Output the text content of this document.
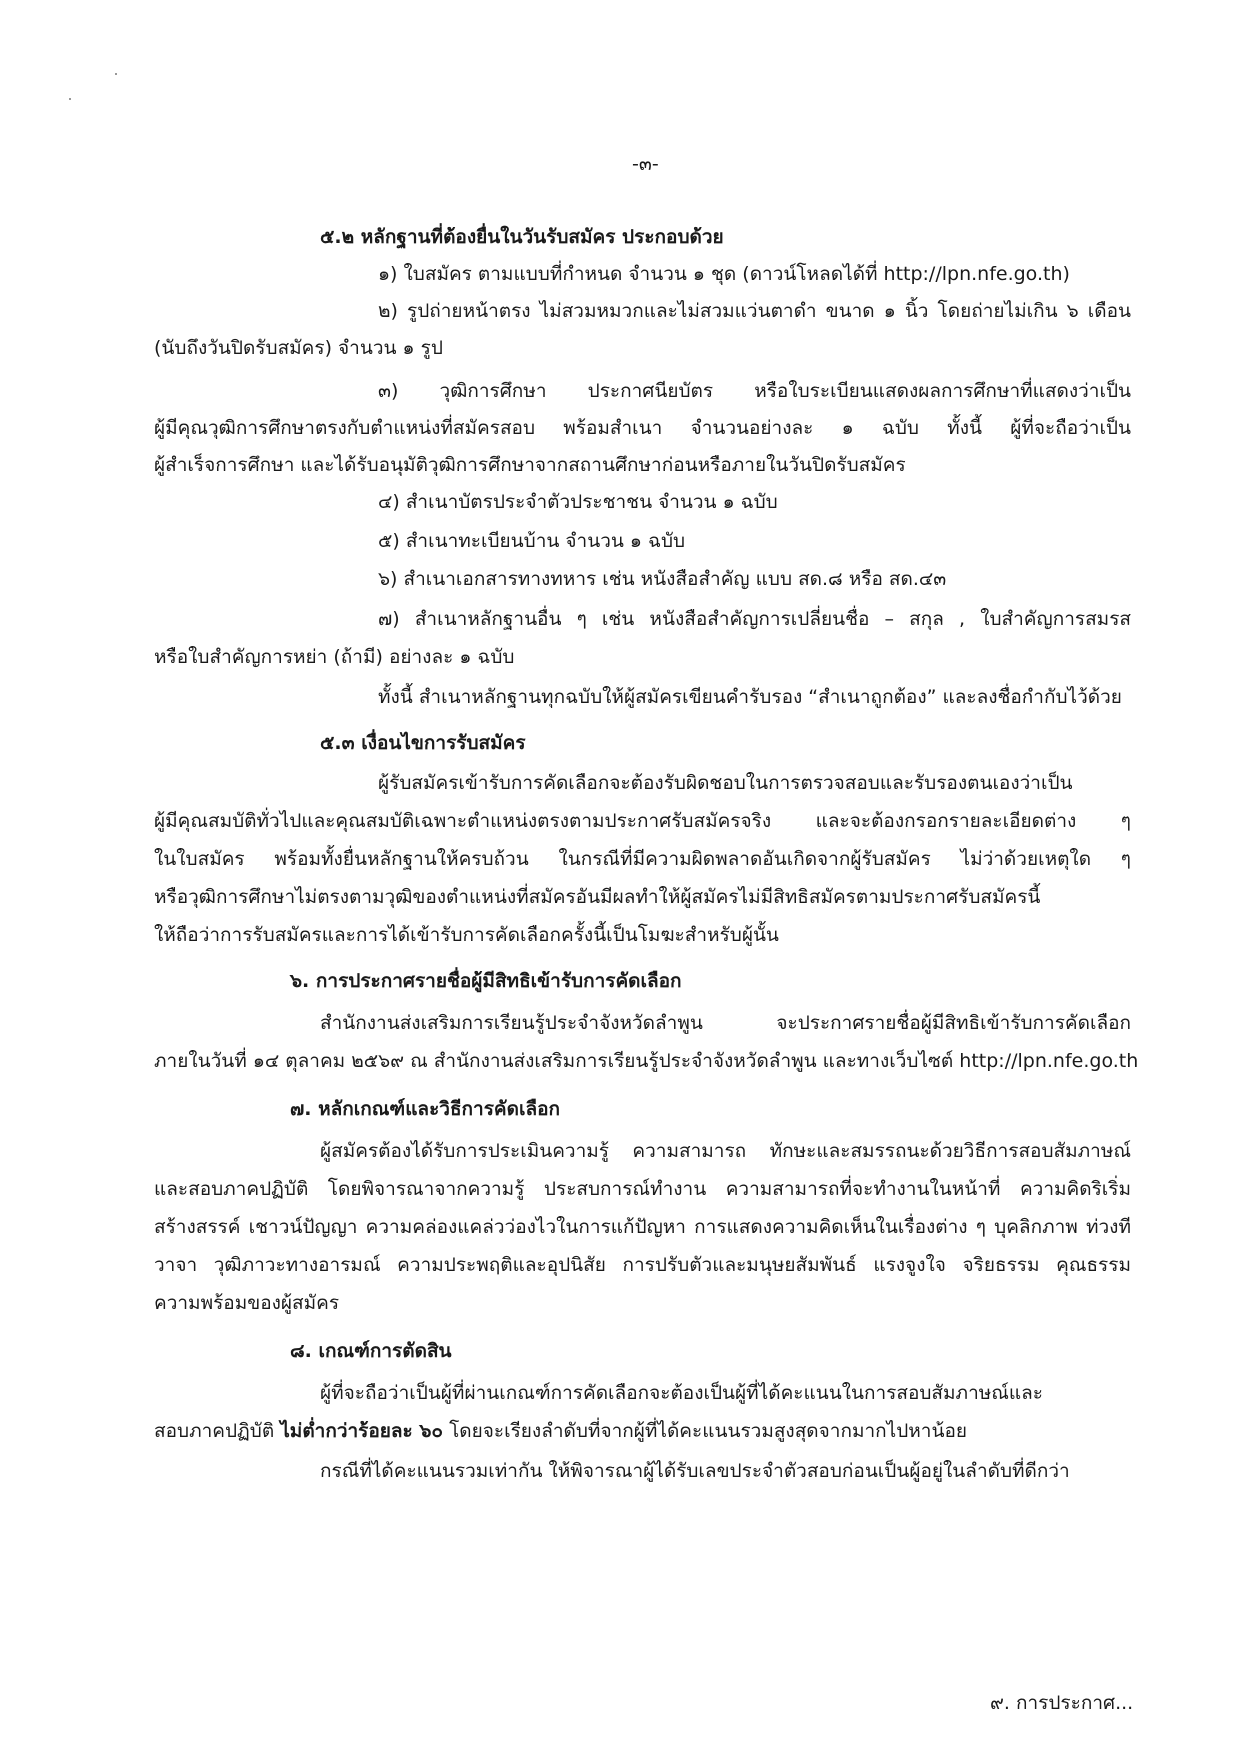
-๓-
๕.๒ หลักฐานที่ต้องยื่นในวันรับสมัคร ประกอบด้วย
๑) ใบสมัคร ตามแบบที่กำหนด จำนวน ๑ ชุด (ดาวน์โหลดได้ที่ http://lpn.nfe.go.th)
๒) รูปถ่ายหน้าตรง ไม่สวมหมวกและไม่สวมแว่นตาดำ ขนาด ๑ นิ้ว โดยถ่ายไม่เกิน ๖ เดือน
(นับถึงวันปิดรับสมัคร) จำนวน ๑ รูป
๓) วุฒิการศึกษา ประกาศนียบัตร หรือใบระเบียนแสดงผลการศึกษาที่แสดงว่าเป็น
ผู้มีคุณวุฒิการศึกษาตรงกับตำแหน่งที่สมัครสอบ พร้อมสำเนา จำนวนอย่างละ ๑ ฉบับ ทั้งนี้ ผู้ที่จะถือว่าเป็น
ผู้สำเร็จการศึกษา และได้รับอนุมัติวุฒิการศึกษาจากสถานศึกษาก่อนหรือภายในวันปิดรับสมัคร
๔) สำเนาบัตรประจำตัวประชาชน จำนวน ๑ ฉบับ
๕) สำเนาทะเบียนบ้าน จำนวน ๑ ฉบับ
๖) สำเนาเอกสารทางทหาร เช่น หนังสือสำคัญ แบบ สด.๘ หรือ สด.๔๓
๗) สำเนาหลักฐานอื่น ๆ เช่น หนังสือสำคัญการเปลี่ยนชื่อ – สกุล , ใบสำคัญการสมรส
หรือใบสำคัญการหย่า (ถ้ามี) อย่างละ ๑ ฉบับ
ทั้งนี้ สำเนาหลักฐานทุกฉบับให้ผู้สมัครเขียนคำรับรอง “สำเนาถูกต้อง” และลงชื่อกำกับไว้ด้วย
๕.๓ เงื่อนไขการรับสมัคร
ผู้รับสมัครเข้ารับการคัดเลือกจะต้องรับผิดชอบในการตรวจสอบและรับรองตนเองว่าเป็น
ผู้มีคุณสมบัติทั่วไปและคุณสมบัติเฉพาะตำแหน่งตรงตามประกาศรับสมัครจริง และจะต้องกรอกรายละเอียดต่าง ๆ
ในใบสมัคร พร้อมทั้งยื่นหลักฐานให้ครบถ้วน ในกรณีที่มีความผิดพลาดอันเกิดจากผู้รับสมัคร ไม่ว่าด้วยเหตุใด ๆ
หรือวุฒิการศึกษาไม่ตรงตามวุฒิของตำแหน่งที่สมัครอันมีผลทำให้ผู้สมัครไม่มีสิทธิสมัครตามประกาศรับสมัครนี้
ให้ถือว่าการรับสมัครและการได้เข้ารับการคัดเลือกครั้งนี้เป็นโมฆะสำหรับผู้นั้น
๖. การประกาศรายชื่อผู้มีสิทธิเข้ารับการคัดเลือก
สำนักงานส่งเสริมการเรียนรู้ประจำจังหวัดลำพูน จะประกาศรายชื่อผู้มีสิทธิเข้ารับการคัดเลือก
ภายในวันที่ ๑๔ ตุลาคม ๒๕๖๙ ณ สำนักงานส่งเสริมการเรียนรู้ประจำจังหวัดลำพูน และทางเว็บไซต์ http://lpn.nfe.go.th
๗. หลักเกณฑ์และวิธีการคัดเลือก
ผู้สมัครต้องได้รับการประเมินความรู้ ความสามารถ ทักษะและสมรรถนะด้วยวิธีการสอบสัมภาษณ์
และสอบภาคปฏิบัติ โดยพิจารณาจากความรู้ ประสบการณ์ทำงาน ความสามารถที่จะทำงานในหน้าที่ ความคิดริเริ่ม
สร้างสรรค์ เชาวน์ปัญญา ความคล่องแคล่วว่องไวในการแก้ปัญหา การแสดงความคิดเห็นในเรื่องต่าง ๆ บุคลิกภาพ ท่วงที
วาจา วุฒิภาวะทางอารมณ์ ความประพฤติและอุปนิสัย การปรับตัวและมนุษยสัมพันธ์ แรงจูงใจ จริยธรรม คุณธรรม
ความพร้อมของผู้สมัคร
๘. เกณฑ์การตัดสิน
ผู้ที่จะถือว่าเป็นผู้ที่ผ่านเกณฑ์การคัดเลือกจะต้องเป็นผู้ที่ได้คะแนนในการสอบสัมภาษณ์และ
สอบภาคปฏิบัติ ไม่ต่ำกว่าร้อยละ ๖๐ โดยจะเรียงลำดับที่จากผู้ที่ได้คะแนนรวมสูงสุดจากมากไปหาน้อย
กรณีที่ได้คะแนนรวมเท่ากัน ให้พิจารณาผู้ได้รับเลขประจำตัวสอบก่อนเป็นผู้อยู่ในลำดับที่ดีกว่า
๙. การประกาศ...
